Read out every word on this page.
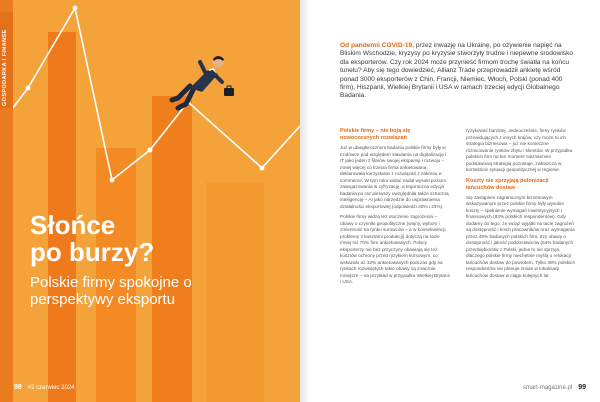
GOSPODARKA I FINANSE
Słońce
po burzy?
Polskie firmy spokojne o perspektywy eksportu
98 #2 czerwiec 2024
Od pandemii COVID-19, przez inwazję na Ukrainę, po ożywienie napięć na Bliskim Wschodzie, kryzysy po kryzysie stworzyły trudne i niepewne środowisko dla eksporterów. Czy rok 2024 może przynieść firmom trochę światła na końcu tunelu? Aby się tego dowiedzieć, Allianz Trade przeprowadził ankietę wśród ponad 3000 eksporterów z Chin, Francji, Niemiec, Włoch, Polski (ponad 400 firm), Hiszpanii, Wielkiej Brytanii i USA w ramach trzeciej edycji Globalnego Badania.
Polskie firmy – nie boją się nowoczesnych rozwiązań

Już w ubiegłorocznym badaniu polskie firmy były w czołówce pod względem stawiania na digitalizację i IT jako jeden z filarów swojej ekspansji i rozwoju – mniej więcej co trzecia firma ankietowana deklarowała korzystanie z rozwiązań z zakresu e-commerce. W tym roku widać nadal wysoki poziom zaangażowania w cyfryzację, a tegoroczna edycja badania po raz pierwszy uwzględniła także sztuczną inteligencję – AI jako narzędzie do usprawnienia działalności eksportowej (odpowiedzi 20% i 23%).

Polskie firmy widzą też otoczenie zagrożenia – obawy o czynniki geopolityczne (wojny, wybory i zmienność na rynku surowców – a w konsekwencji problemy z kosztami produkcji) dotyczą na razie mniej niż 70% firm ankietowanych. Polscy eksporterzy nie bez przyczyny obawiają się też kosztów ochrony przed ryzykiem kursowym, co wskazało aż 32% ankietowanych podczas gdy na rynkach rozwiniętych takie obawy są znacznie mniejsze – na przykład w przypadku Wielkiej Brytanii i USA.

ryzykować bardziej. Jednocześnie, firmy rynków przewidujących z innych krajów, czy może to ich strategia biznesowa – już nie konieczne różnicowanie rynków zbytu i klientów. W przypadku polskich firm na ten moment niezmiennie podstawową strategią pozostaje, zwłaszcza w kontekście sytuacji geopolitycznej w regionie.

Koszty nie sprzyjają polonizacji łańcuchów dostaw

Się zastąpieni zagranicznym biznesowym wskazywanym przez polskie firmy były wysokie koszty – spełnienie wymagań inwestycyjnych i finansowych (83% polskich respondentów). Gdy dodamy do tego, że wciąż wyjątki na tacie zagrożeń są dostępność i koszt pracowników oraz wymagania przez 49% badanych polskich firm, trzy obawy o dostępność i jakość poddostawców (54% badanych przedsiębiorstw z Polski, jedne to nie sprzyja, dlaczego polskie firmy niechętnie myślą o relokacji łańcuchów dostaw do powrotem. Tylko 38% polskich respondentów nie planuje zmian w lokalizacji łańcuchów dostaw w ciągu kolejnych lat.

smart-magazine.pl 99
